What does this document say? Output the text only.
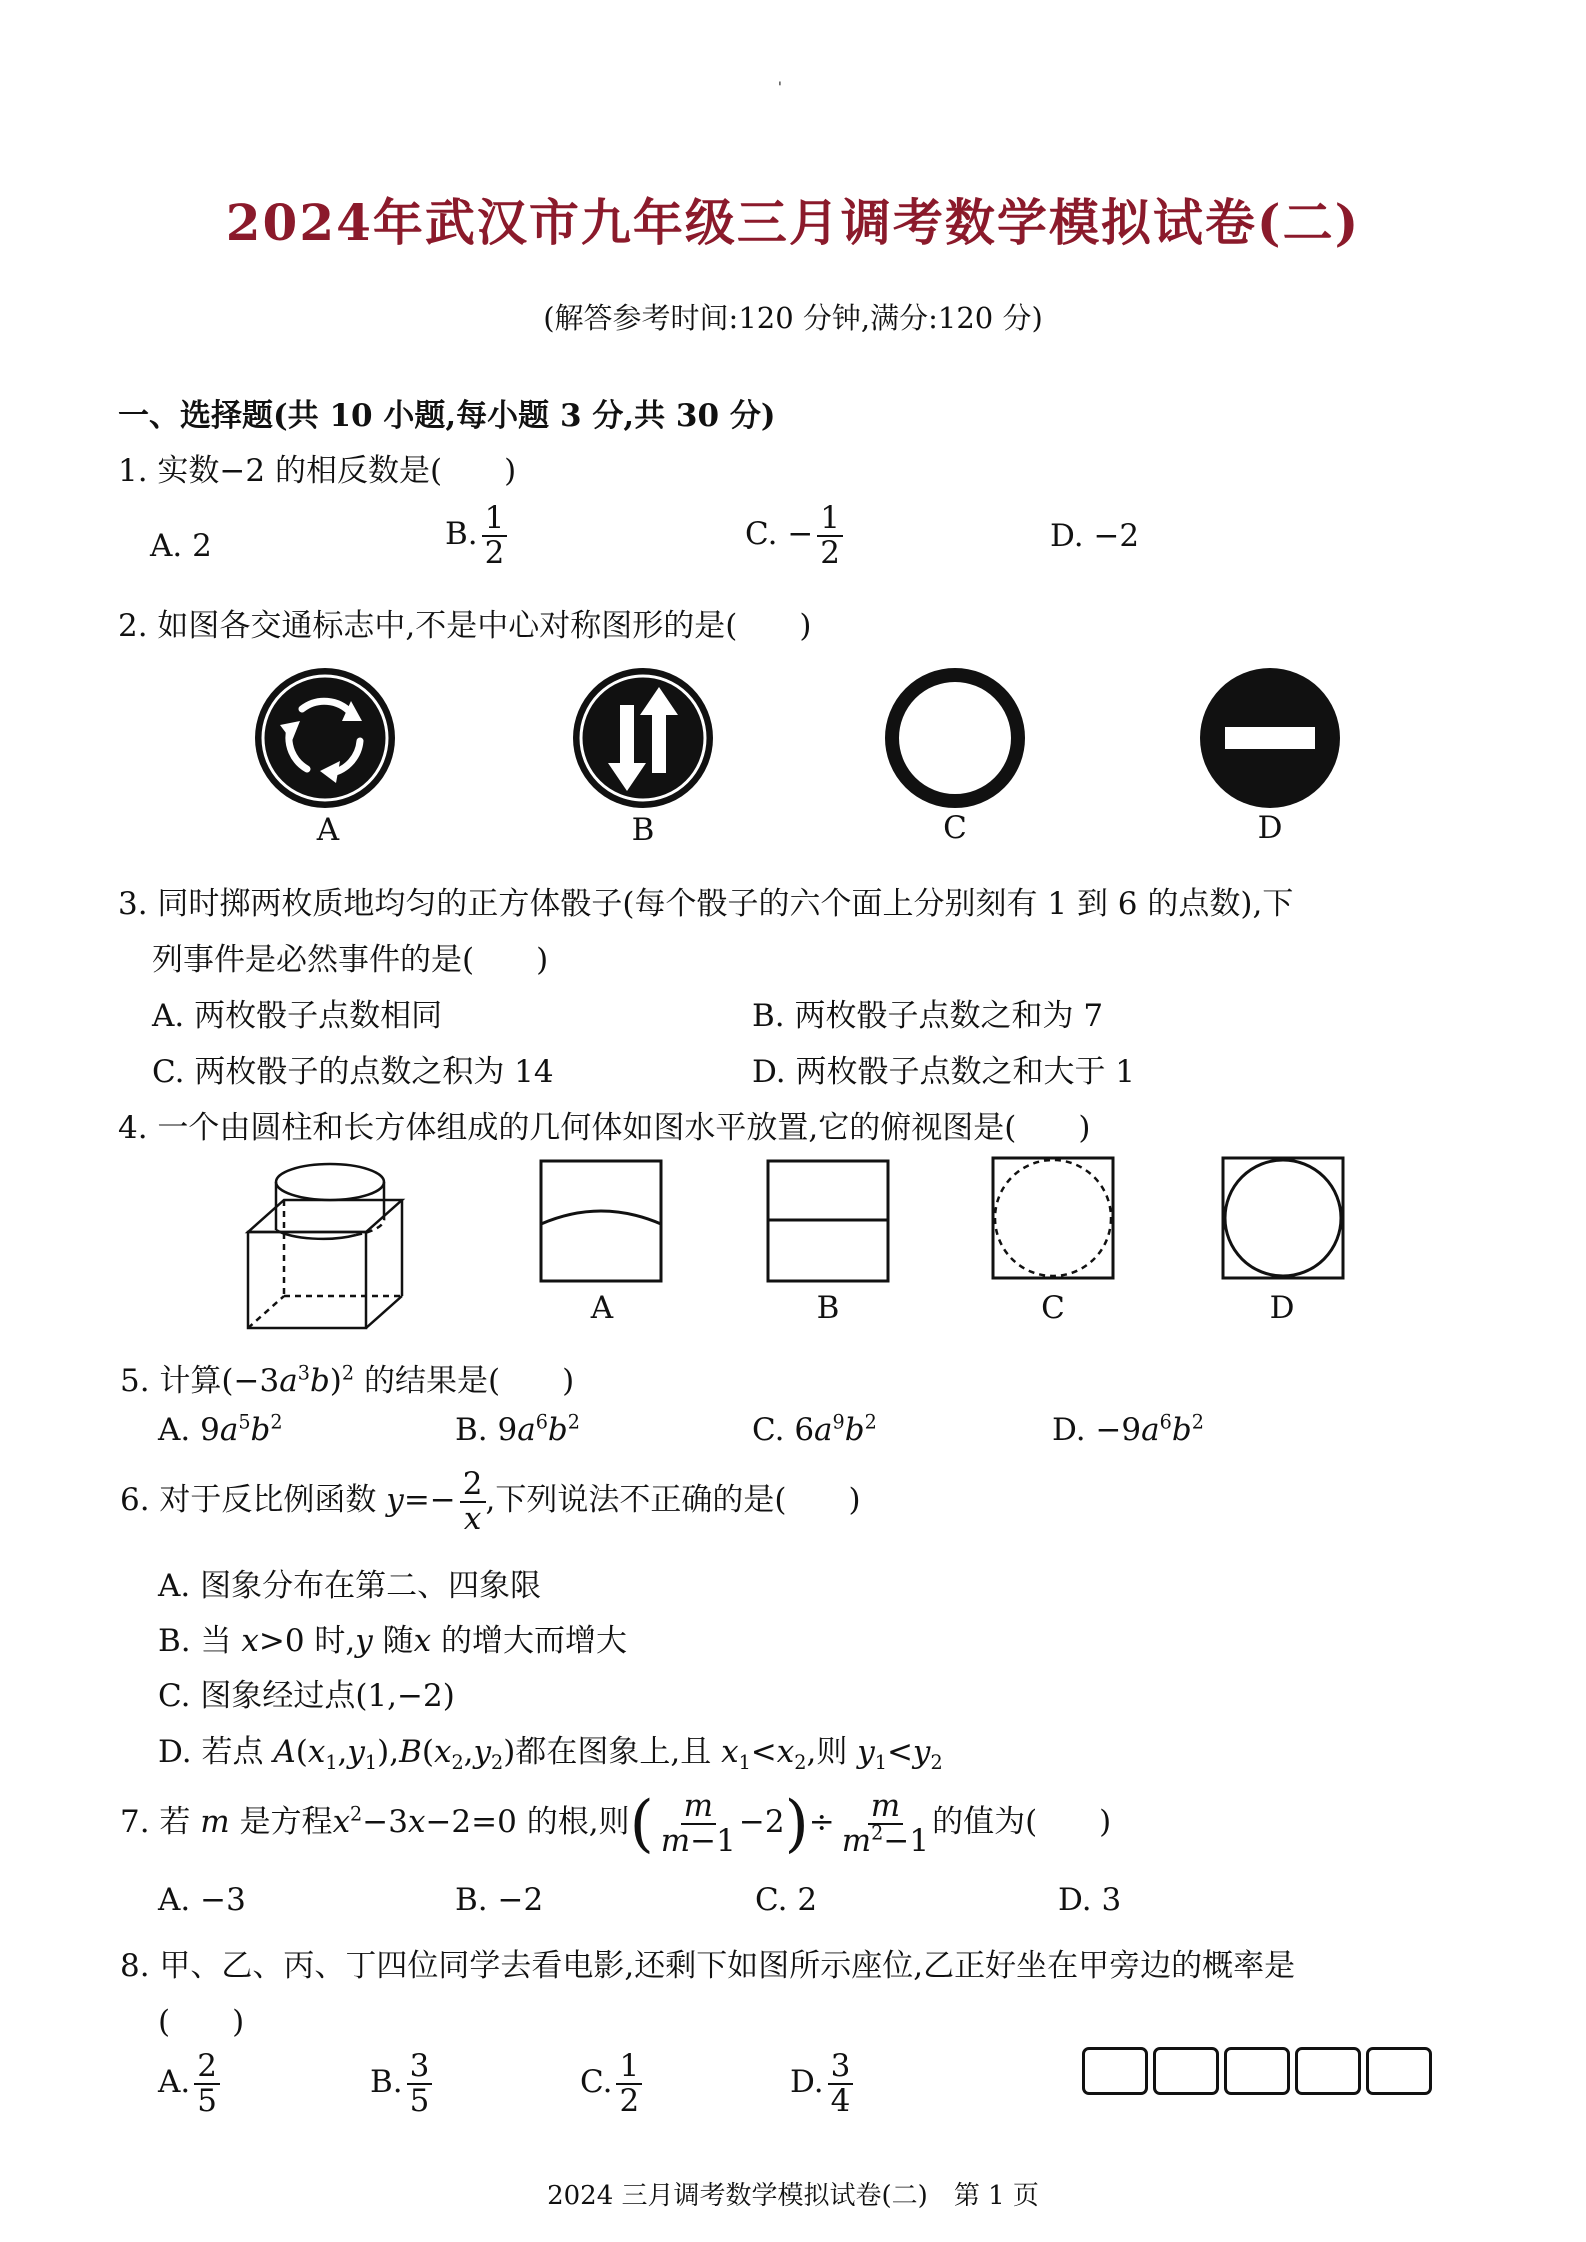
'
2024年武汉市九年级三月调考数学模拟试卷(二)
(解答参考时间:120 分钟,满分:120 分)
一、选择题(共 10 小题,每小题 3 分,共 30 分)
1. 实数−2 的相反数是(　　)
A. 2	B. $\frac{1}{2}$	C. − $\frac{1}{2}$	D. −2
2. 如图各交通标志中,不是中心对称图形的是(　　)
A	B	C	D
3. 同时掷两枚质地均匀的正方体骰子(每个骰子的六个面上分别刻有 1 到 6 的点数),下
列事件是必然事件的是(　　)
A. 两枚骰子点数相同	B. 两枚骰子点数之和为 7
C. 两枚骰子的点数之积为 14	D. 两枚骰子点数之和大于 1
4. 一个由圆柱和长方体组成的几何体如图水平放置,它的俯视图是(　　)
A	B	C	D
5. 计算$(-3a^3b)^2$ 的结果是(　　)
A. $9a^5b^2$	B. $9a^6b^2$	C. $6a^9b^2$	D. $-9a^6b^2$
6. 对于反比例函数 $y=- \frac{2}{x}$ ,下列说法不正确的是(　　)
A. 图象分布在第二、四象限
B. 当 x>0 时,y 随x 的增大而增大
C. 图象经过点(1,−2)
D. 若点 $A(x_1,y_1),B(x_2,y_2)$都在图象上,且 $x_1<x_2$,则 $y_1<y_2$
7. 若 m 是方程$x^2-3x-2=0$ 的根,则( $\frac{m}{m-1} -2)\div \frac{m}{m^2-1}$ 的值为(　　)
A. −3	B. −2	C. 2	D. 3
8. 甲、乙、丙、丁四位同学去看电影,还剩下如图所示座位,乙正好坐在甲旁边的概率是
(　　)
A. $\frac{2}{5}$	B. $\frac{3}{5}$	C. $\frac{1}{2}$	D. $\frac{3}{4}$
2024 三月调考数学模拟试卷(二)　第 1 页
